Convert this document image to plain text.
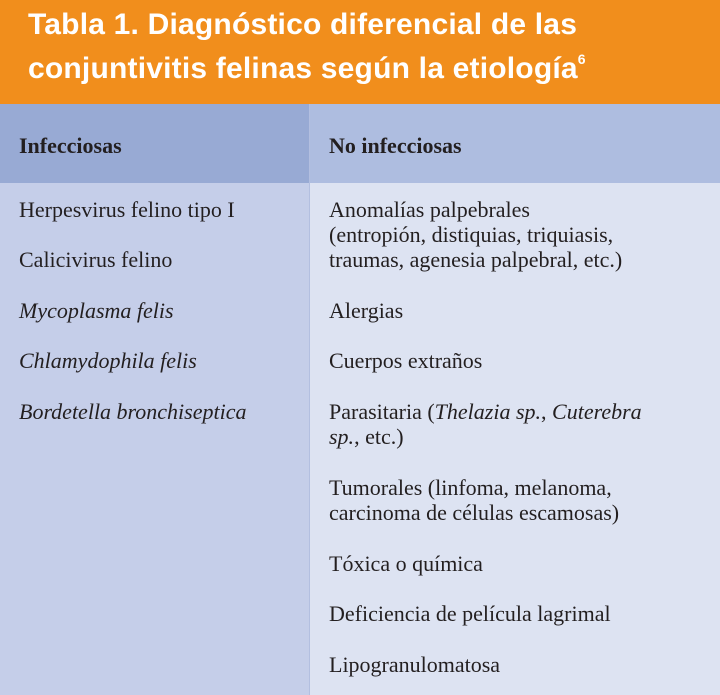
Tabla 1. Diagnóstico diferencial de las
conjuntivitis felinas según la etiología$^6$
Infecciosas	No infecciosas
Herpesvirus felino tipo I
Calicivirus felino
Mycoplasma felis
Chlamydophila felis
Bordetella bronchiseptica
Anomalías palpebrales
(entropión, distiquias, triquiasis,
traumas, agenesia palpebral, etc.)
Alergias
Cuerpos extraños
Parasitaria (Thelazia sp., Cuterebra
sp., etc.)
Tumorales (linfoma, melanoma,
carcinoma de células escamosas)
Tóxica o química
Deficiencia de película lagrimal
Lipogranulomatosa
